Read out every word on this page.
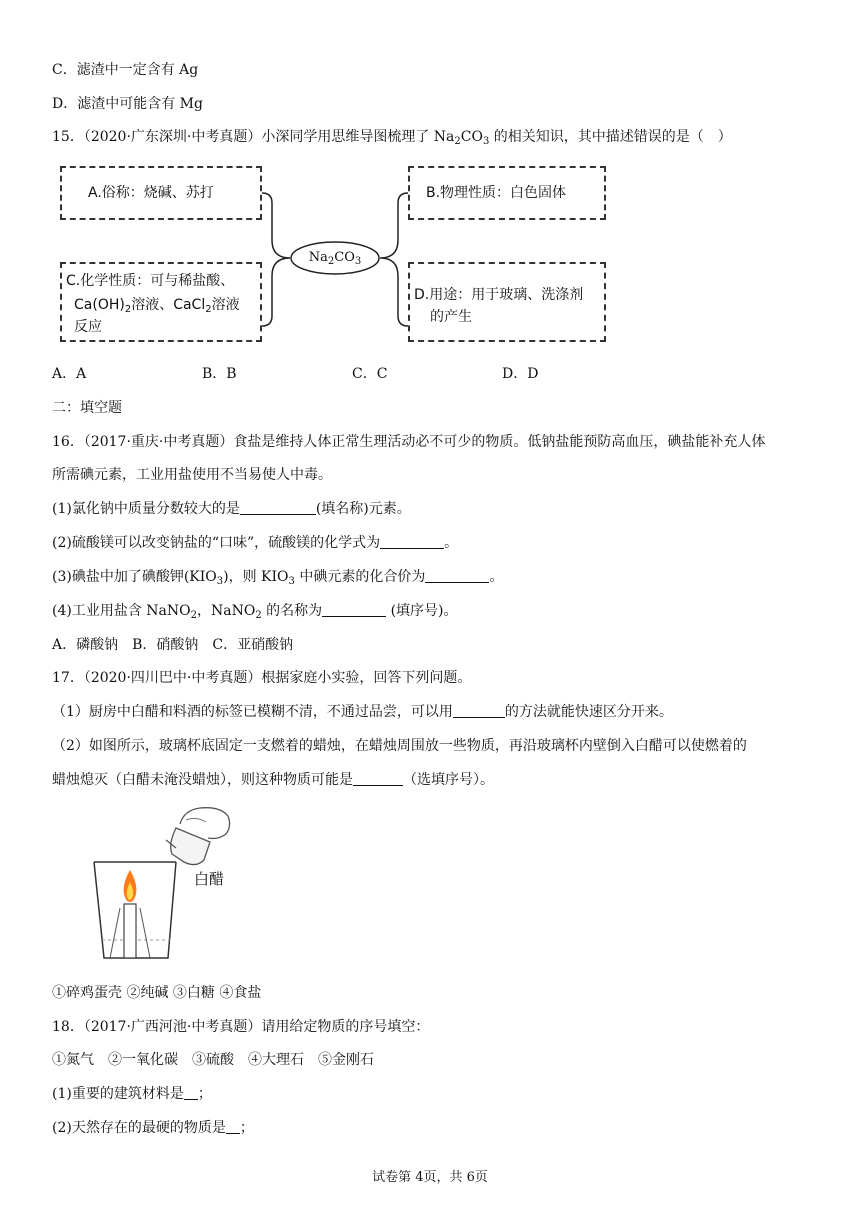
C．滤渣中一定含有 Ag
D．滤渣中可能含有 Mg
15．（2020·广东深圳·中考真题）小深同学用思维导图梳理了 $Na_2CO_3$ 的相关知识，其中描述错误的是（　）
$Na_2CO_3$
A.俗称：烧碱、苏打	B.物理性质：白色固体
C.化学性质：可与稀盐酸、
$Ca(OH)_2$溶液、CaCl$_2$溶液
反应
D.用途：用于玻璃、洗涤剂
的产生
A．A	B．B	C．C	D．D
二：填空题
16．（2017·重庆·中考真题）食盐是维持人体正常生理活动必不可少的物质。低钠盐能预防高血压，碘盐能补充人体
所需碘元素，工业用盐使用不当易使人中毒。
(1)氯化钠中质量分数较大的是	(填名称)元素。
(2)硫酸镁可以改变钠盐的“口味”，硫酸镁的化学式为	。
(3)碘盐中加了碘酸钾$(KIO_3)$，则 $KIO_3$ 中碘元素的化合价为	。
(4)工业用盐含 NaNO$_2$，NaNO$_2$ 的名称为	(填序号)。
A．磷酸钠　B．硝酸钠　C．亚硝酸钠
17．（2020·四川巴中·中考真题）根据家庭小实验，回答下列问题。
（1）厨房中白醋和料酒的标签已模糊不清，不通过品尝，可以用	的方法就能快速区分开来。
（2）如图所示，玻璃杯底固定一支燃着的蜡烛，在蜡烛周围放一些物质，再沿玻璃杯内壁倒入白醋可以使燃着的
蜡烛熄灭（白醋未淹没蜡烛），则这种物质可能是	（选填序号）。
白醋
①碎鸡蛋壳 ②纯碱 ③白糖 ④食盐
18．（2017·广西河池·中考真题）请用给定物质的序号填空：
①氮气　②一氧化碳　③硫酸　④大理石　⑤金刚石
(1)重要的建筑材料是 ；
(2)天然存在的最硬的物质是 ；
试卷第 4页，共 6页
